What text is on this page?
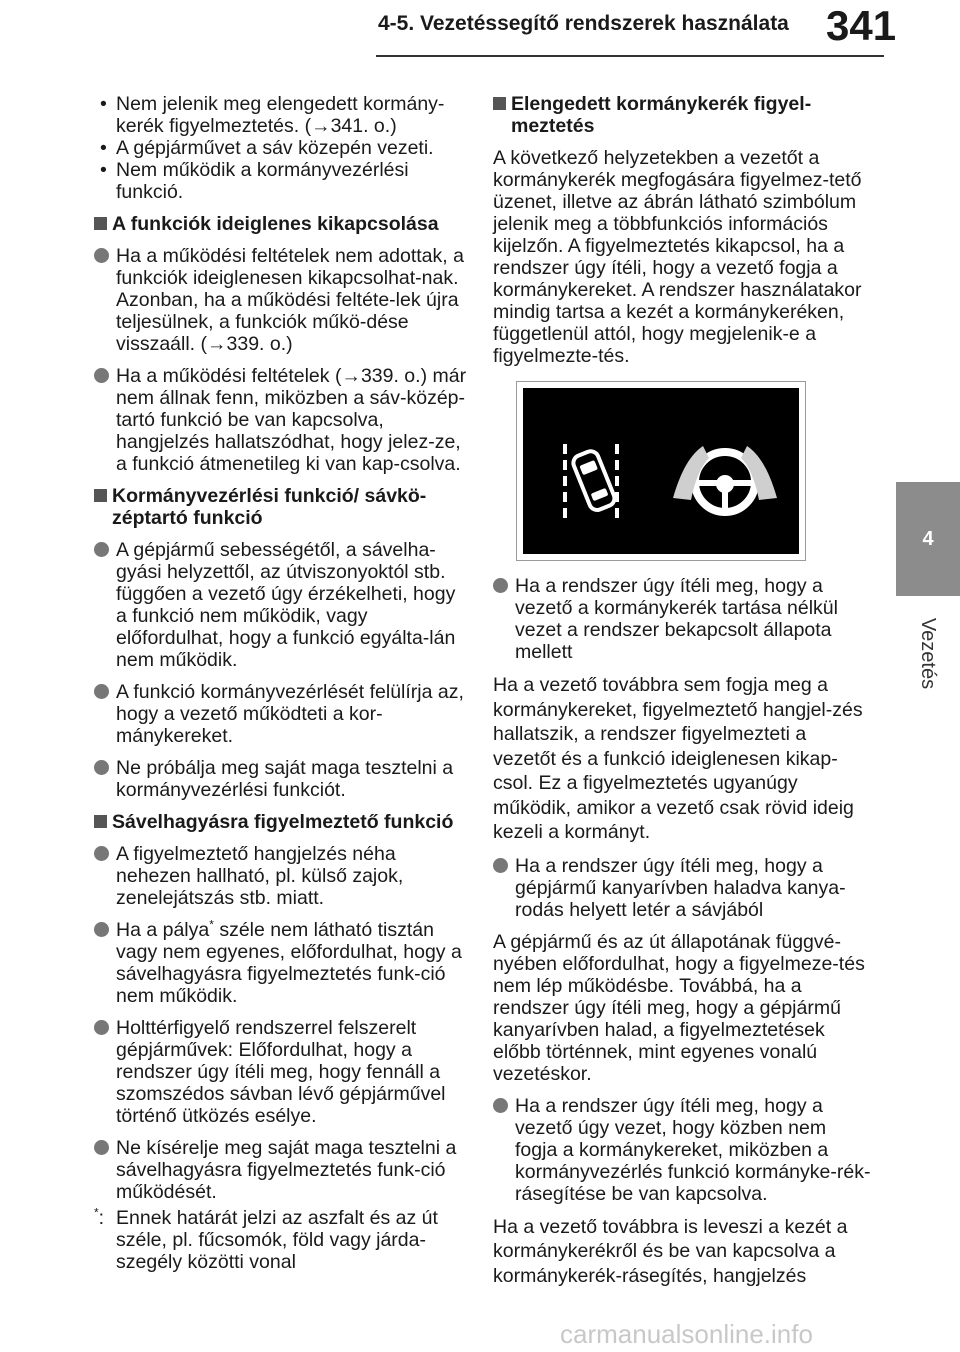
4-5. Vezetéssegítő rendszerek használata 341
4
Vezetés
• Nem jelenik meg elengedett kormány-kerék figyelmeztetés. (→341. o.)
• A gépjárművet a sáv közepén vezeti.
• Nem működik a kormányvezérlési funkció.
A funkciók ideiglenes kikapcsolása
Ha a működési feltételek nem adottak, a funkciók ideiglenesen kikapcsolhat-nak. Azonban, ha a működési feltéte-lek újra teljesülnek, a funkciók műkö-dése visszaáll. (→339. o.)
Ha a működési feltételek (→339. o.) már nem állnak fenn, miközben a sáv-közép-tartó funkció be van kapcsolva, hangjelzés hallatszódhat, hogy jelez-ze, a funkció átmenetileg ki van kap-csolva.
Kormányvezérlési funkció/ sávkö-zéptartó funkció
A gépjármű sebességétől, a sávelha-gyási helyzettől, az útviszonyoktól stb. függően a vezető úgy érzékelheti, hogy a funkció nem működik, vagy előfordulhat, hogy a funkció egyálta-lán nem működik.
A funkció kormányvezérlését felülírja az, hogy a vezető működteti a kor-mánykereket.
Ne próbálja meg saját maga tesztelni a kormányvezérlési funkciót.
Sávelhagyásra figyelmeztető funkció
A figyelmeztető hangjelzés néha nehezen hallható, pl. külső zajok, zenelejátszás stb. miatt.
Ha a pálya* széle nem látható tisztán vagy nem egyenes, előfordulhat, hogy a sávelhagyásra figyelmeztetés funk-ció nem működik.
Holttérfigyelő rendszerrel felszerelt gépjárművek: Előfordulhat, hogy a rendszer úgy ítéli meg, hogy fennáll a szomszédos sávban lévő gépjárművel történő ütközés esélye.
Ne kísérelje meg saját maga tesztelni a sávelhagyásra figyelmeztetés funk-ció működését.
*: Ennek határát jelzi az aszfalt és az út széle, pl. fűcsomók, föld vagy járda-szegély közötti vonal
Elengedett kormánykerék figyel-meztetés
A következő helyzetekben a vezetőt a kormánykerék megfogására figyelmez-tető üzenet, illetve az ábrán látható szimbólum jelenik meg a többfunkciós információs kijelzőn. A figyelmeztetés kikapcsol, ha a rendszer úgy ítéli, hogy a vezető fogja a kormánykereket. A rendszer használatakor mindig tartsa a kezét a kormánykeréken, függetlenül attól, hogy megjelenik-e a figyelmezte-tés.
Ha a rendszer úgy ítéli meg, hogy a vezető a kormánykerék tartása nélkül vezet a rendszer bekapcsolt állapota mellett
Ha a vezető továbbra sem fogja meg a kormánykereket, figyelmeztető hangjel-zés hallatszik, a rendszer figyelmezteti a vezetőt és a funkció ideiglenesen kikap-csol. Ez a figyelmeztetés ugyanúgy működik, amikor a vezető csak rövid ideig kezeli a kormányt.
Ha a rendszer úgy ítéli meg, hogy a gépjármű kanyarívben haladva kanya-rodás helyett letér a sávjából
A gépjármű és az út állapotának függvé-nyében előfordulhat, hogy a figyelmeze-tés nem lép működésbe. Továbbá, ha a rendszer úgy ítéli meg, hogy a gépjármű kanyarívben halad, a figyelmeztetések előbb történnek, mint egyenes vonalú vezetéskor.
Ha a rendszer úgy ítéli meg, hogy a vezető úgy vezet, hogy közben nem fogja a kormánykereket, miközben a kormányvezérlés funkció kormányke-rék-rásegítése be van kapcsolva.
Ha a vezető továbbra is leveszi a kezét a kormánykerékről és be van kapcsolva a kormánykerék-rásegítés, hangjelzés
carmanualsonline.info
